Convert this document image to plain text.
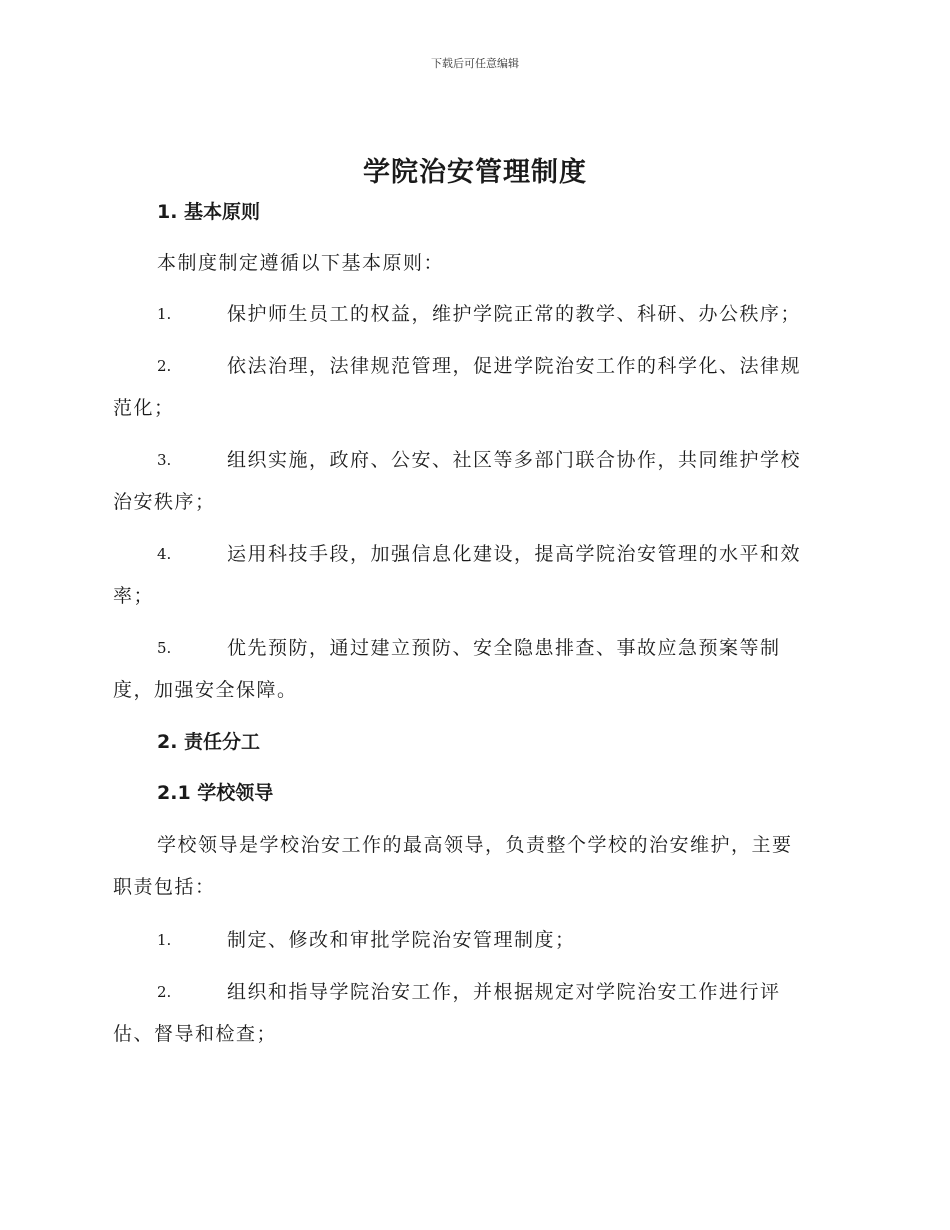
下载后可任意编辑
学院治安管理制度
1. 基本原则
本制度制定遵循以下基本原则：
1.	保护师生员工的权益，维护学院正常的教学、科研、办公秩序；
2.	依法治理，法律规范管理，促进学院治安工作的科学化、法律规
范化；
3.	组织实施，政府、公安、社区等多部门联合协作，共同维护学校
治安秩序；
4.	运用科技手段，加强信息化建设，提高学院治安管理的水平和效
率；
5.	优先预防，通过建立预防、安全隐患排查、事故应急预案等制
度，加强安全保障。
2. 责任分工
2.1 学校领导
学校领导是学校治安工作的最高领导，负责整个学校的治安维护，主要
职责包括：
1.	制定、修改和审批学院治安管理制度；
2.	组织和指导学院治安工作，并根据规定对学院治安工作进行评
估、督导和检查；
